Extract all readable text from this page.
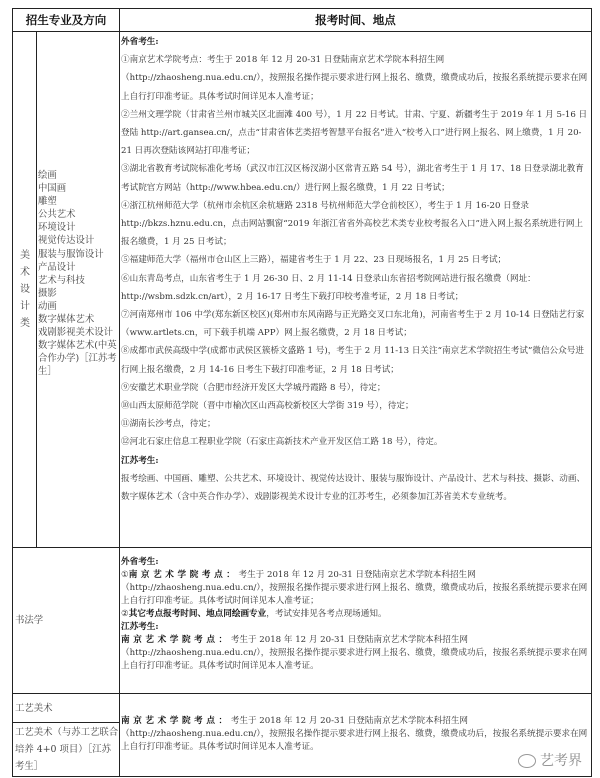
招生专业及方向	报考时间、地点
美
术
设
计
类
绘画
中国画
雕塑
公共艺术
环境设计
视觉传达设计
服装与服饰设计
产品设计
艺术与科技
摄影
动画
数字媒体艺术
戏剧影视美术设计
数字媒体艺术(中英合作办学)［江苏考生］

外省考生:

①南京艺术学院考点：考生于 2018 年 12 月 20-31 日登陆南京艺术学院本科招生网（http://zhaosheng.nua.edu.cn/），按照报名操作提示要求进行网上报名、缴费，缴费成功后，按报名系统提示要求在网上自行打印准考证。具体考试时间详见本人准考证；

②兰州文理学院（甘肃省兰州市城关区北面滩 400 号），1 月 22 日考试。甘肃、宁夏、新疆考生于 2019 年 1 月 5-16 日登陆 http://art.gansea.cn/，点击“甘肃省体艺类招考智慧平台报名”进入“校考入口”进行网上报名、网上缴费，1 月 20-21 日再次登陆该网站打印准考证；

③湖北省教育考试院标准化考场（武汉市江汉区杨汊湖小区常青五路 54 号），湖北省考生于 1 月 17、18 日登录湖北教育考试院官方网站（http://www.hbea.edu.cn/）进行网上报名缴费，1 月 22 日考试；

④浙江杭州师范大学（杭州市余杭区余杭塘路 2318 号杭州师范大学仓前校区），考生于 1 月 16-20 日登录 http://bkzs.hznu.edu.cn，点击网站飘窗“2019 年浙江省省外高校艺术类专业校考报名入口”进入网上报名系统进行网上报名缴费，1 月 25 日考试；

⑤福建师范大学（福州市仓山区上三路），福建省考生于 1 月 22、23 日现场报名，1 月 25 日考试；

⑥山东青岛考点，山东省考生于 1 月 26-30 日、2 月 11-14 日登录山东省招考院网站进行报名缴费（网址：http://wsbm.sdzk.cn/art），2 月 16-17 日考生下载打印校考准考证，2 月 18 日考试；

⑦河南郑州市 106 中学(郑东新区校区)(郑州市东风南路与正光路交叉口东北角)，河南省考生于 2 月 10-14 日登陆艺行家（www.artlets.cn，可下载手机端 APP）网上报名缴费，2 月 18 日考试；

⑧成都市武侯高级中学(成都市武侯区簇桥文盛路 1 号)，考生于 2 月 11-13 日关注“南京艺术学院招生考试”微信公众号进行网上报名缴费，2 月 14-16 日考生下载打印准考证，2 月 18 日考试；

⑨安徽艺术职业学院（合肥市经济开发区大学城丹霞路 8 号），待定；

⑩山西太原师范学院（晋中市榆次区山西高校新校区大学街 319 号），待定；

⑪湖南长沙考点，待定；

⑫河北石家庄信息工程职业学院（石家庄高新技术产业开发区信工路 18 号），待定。

江苏考生:

报考绘画、中国画、雕塑、公共艺术、环境设计、视觉传达设计、服装与服饰设计、产品设计、艺术与科技、摄影、动画、数字媒体艺术（含中英合作办学）、戏剧影视美术设计专业的江苏考生，必须参加江苏省美术专业统考。

书法学

外省考生:

①南京艺术学院考点：考生于 2018 年 12 月 20-31 日登陆南京艺术学院本科招生网（http://zhaosheng.nua.edu.cn/），按照报名操作提示要求进行网上报名、缴费，缴费成功后，按报名系统提示要求在网上自行打印准考证。具体考试时间详见本人准考证；

②其它考点报考时间、地点同绘画专业，考试安排见各考点现场通知。

江苏考生:

南京艺术学院考点：考生于 2018 年 12 月 20-31 日登陆南京艺术学院本科招生网（http://zhaosheng.nua.edu.cn/），按照报名操作提示要求进行网上报名、缴费，缴费成功后，按报名系统提示要求在网上自行打印准考证。具体考试时间详见本人准考证。

工艺美术
工艺美术（与苏工艺联合培养 4+0 项目）［江苏考生］

南京艺术学院考点：考生于 2018 年 12 月 20-31 日登陆南京艺术学院本科招生网（http://zhaosheng.nua.edu.cn/），按照报名操作提示要求进行网上报名、缴费，缴费成功后，按报名系统提示要求在网上自行打印准考证。具体考试时间详见本人准考证。

艺考界
